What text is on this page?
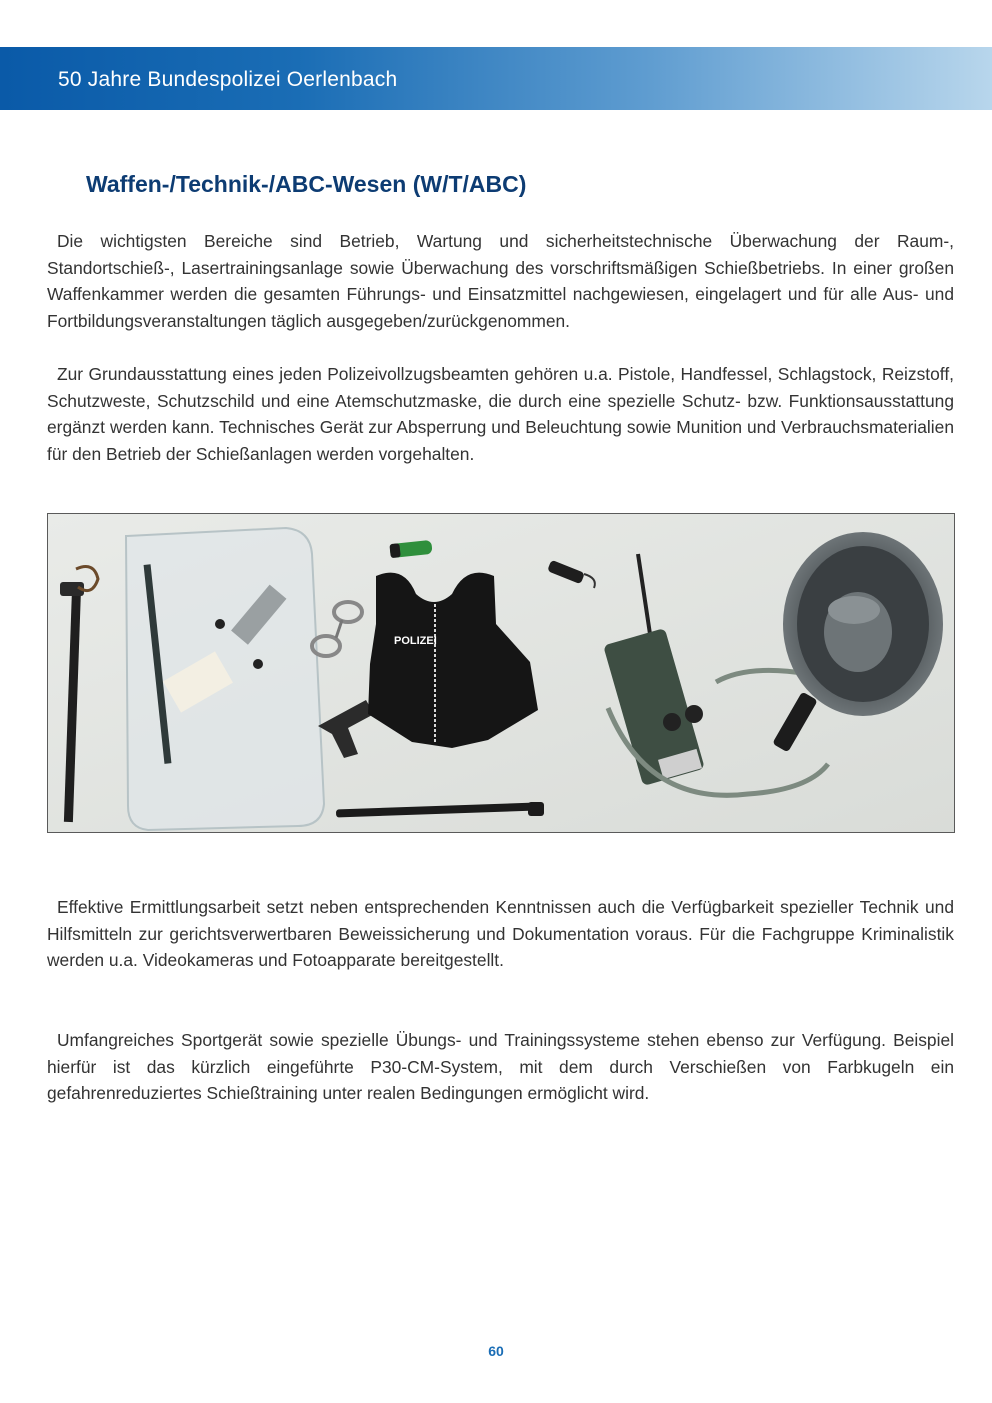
50 Jahre Bundespolizei Oerlenbach
Waffen-/Technik-/ABC-Wesen (W/T/ABC)

Die wichtigsten Bereiche sind Betrieb, Wartung und sicherheitstechnische Überwachung der Raum-, Standortschieß-, Lasertrainingsanlage sowie Überwachung des vorschriftsmäßigen Schießbetriebs. In einer großen Waffenkammer werden die gesamten Führungs- und Einsatzmittel nachgewiesen, eingelagert und für alle Aus- und Fortbildungsveranstaltungen täglich ausgegeben/zurückgenommen.

Zur Grundausstattung eines jeden Polizeivollzugsbeamten gehören u.a. Pistole, Handfessel, Schlagstock, Reizstoff, Schutzweste, Schutzschild und eine Atemschutzmaske, die durch eine spezielle Schutz- bzw. Funktionsausstattung ergänzt werden kann. Technisches Gerät zur Absperrung und Beleuchtung sowie Munition und Verbrauchsmaterialien für den Betrieb der Schießanlagen werden vorgehalten.

POLIZEI

Effektive Ermittlungsarbeit setzt neben entsprechenden Kenntnissen auch die Verfügbarkeit spezieller Technik und Hilfsmitteln zur gerichtsverwertbaren Beweissicherung und Dokumentation voraus. Für die Fachgruppe Kriminalistik werden u.a. Videokameras und Fotoapparate bereitgestellt.

Umfangreiches Sportgerät sowie spezielle Übungs- und Trainingssysteme stehen ebenso zur Verfügung. Beispiel hierfür ist das kürzlich eingeführte P30-CM-System, mit dem durch Verschießen von Farbkugeln ein gefahrenreduziertes Schießtraining unter realen Bedingungen ermöglicht wird.

60
